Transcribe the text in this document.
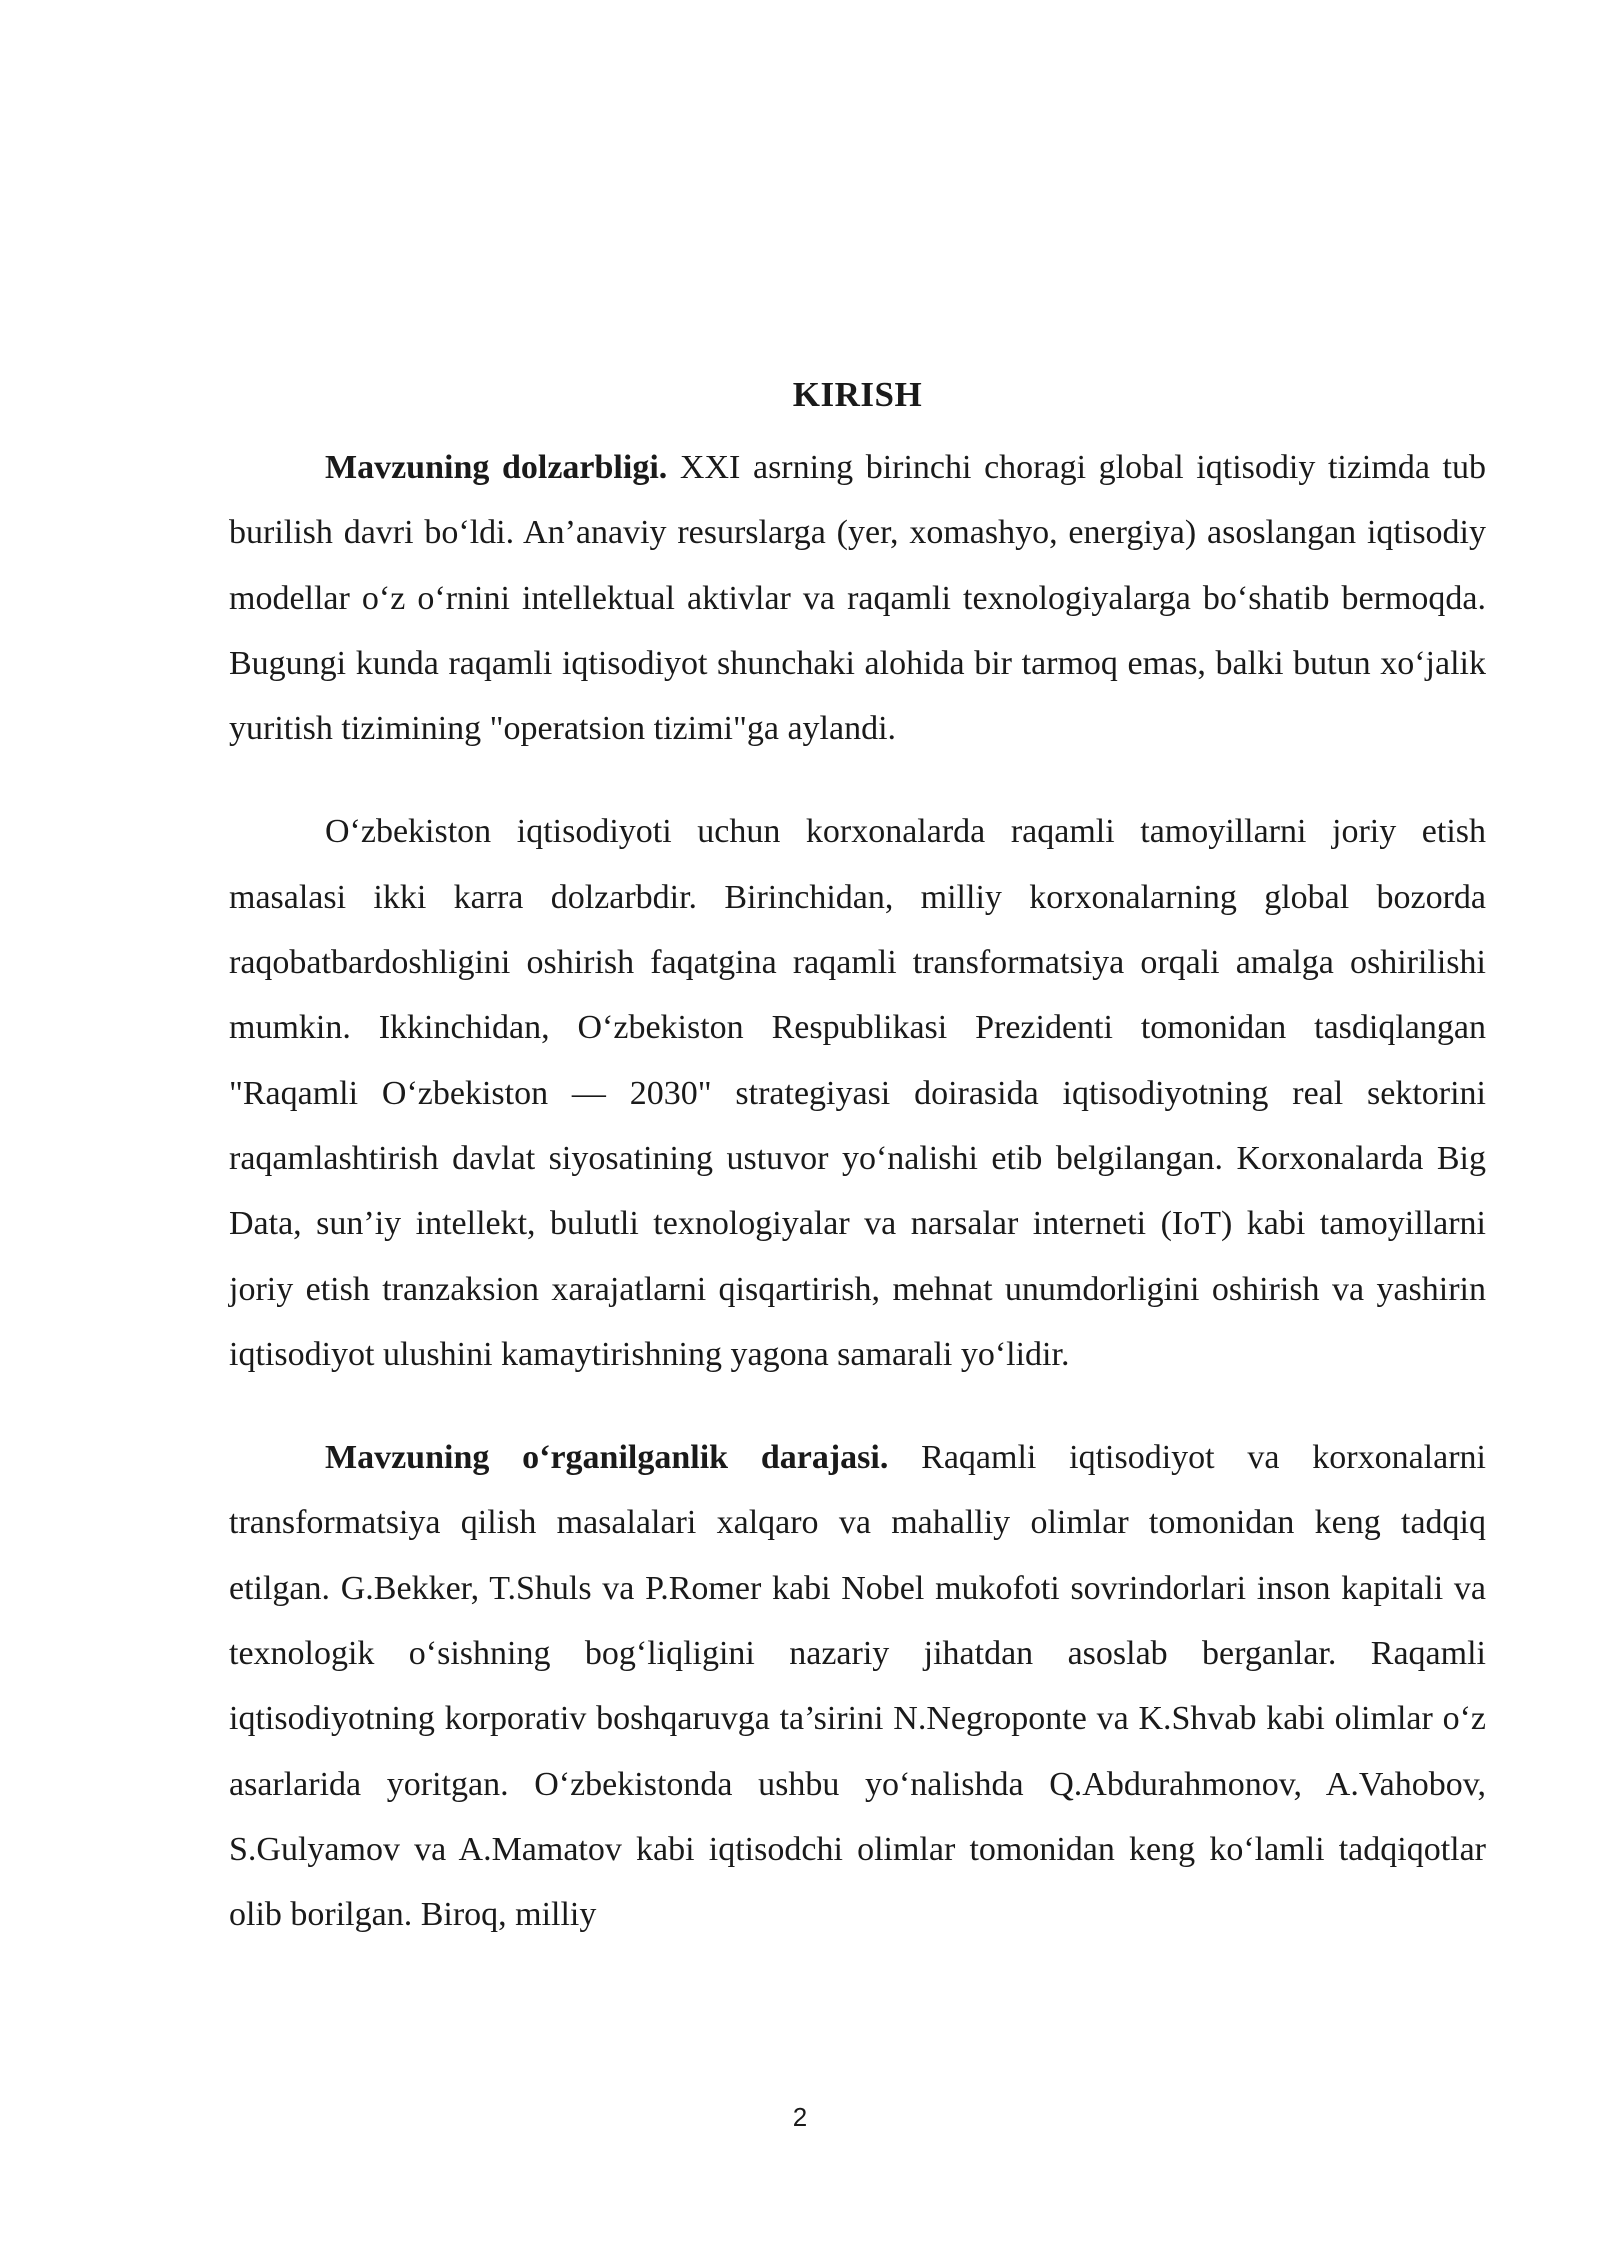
KIRISH

Mavzuning dolzarbligi. XXI asrning birinchi choragi global iqtisodiy tizimda tub burilish davri bo‘ldi. An’anaviy resurslarga (yer, xomashyo, energiya) asoslangan iqtisodiy modellar o‘z o‘rnini intellektual aktivlar va raqamli texnologiyalarga bo‘shatib bermoqda. Bugungi kunda raqamli iqtisodiyot shunchaki alohida bir tarmoq emas, balki butun xo‘jalik yuritish tizimining "operatsion tizimi"ga aylandi.

O‘zbekiston iqtisodiyoti uchun korxonalarda raqamli tamoyillarni joriy etish masalasi ikki karra dolzarbdir. Birinchidan, milliy korxonalarning global bozorda raqobatbardoshligini oshirish faqatgina raqamli transformatsiya orqali amalga oshirilishi mumkin. Ikkinchidan, O‘zbekiston Respublikasi Prezidenti tomonidan tasdiqlangan "Raqamli O‘zbekiston — 2030" strategiyasi doirasida iqtisodiyotning real sektorini raqamlashtirish davlat siyosatining ustuvor yo‘nalishi etib belgilangan. Korxonalarda Big Data, sun’iy intellekt, bulutli texnologiyalar va narsalar interneti (IoT) kabi tamoyillarni joriy etish tranzaksion xarajatlarni qisqartirish, mehnat unumdorligini oshirish va yashirin iqtisodiyot ulushini kamaytirishning yagona samarali yo‘lidir.

Mavzuning o‘rganilganlik darajasi. Raqamli iqtisodiyot va korxonalarni transformatsiya qilish masalalari xalqaro va mahalliy olimlar tomonidan keng tadqiq etilgan. G.Bekker, T.Shuls va P.Romer kabi Nobel mukofoti sovrindorlari inson kapitali va texnologik o‘sishning bog‘liqligini nazariy jihatdan asoslab berganlar. Raqamli iqtisodiyotning korporativ boshqaruvga ta’sirini N.Negroponte va K.Shvab kabi olimlar o‘z asarlarida yoritgan. O‘zbekistonda ushbu yo‘nalishda Q.Abdurahmonov, A.Vahobov, S.Gulyamov va A.Mamatov kabi iqtisodchi olimlar tomonidan keng ko‘lamli tadqiqotlar olib borilgan. Biroq, milliy

2
